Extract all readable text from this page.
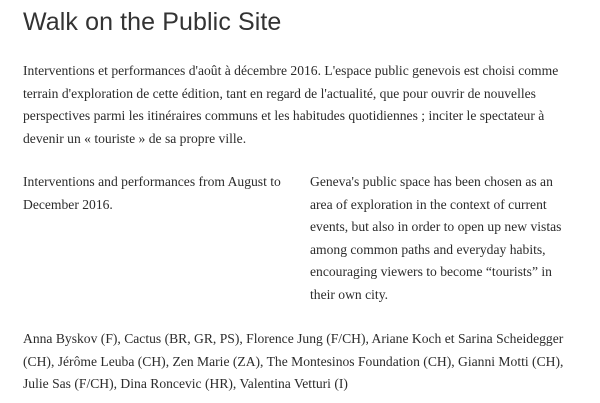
Walk on the Public Site

Interventions et performances d'août à décembre 2016. L'espace public genevois est choisi comme terrain d'exploration de cette édition, tant en regard de l'actualité, que pour ouvrir de nouvelles perspectives parmi les itinéraires communs et les habitudes quotidiennes ; inciter le spectateur à devenir un « touriste » de sa propre ville.

Interventions and performances from August to December 2016.

Geneva's public space has been chosen as an area of exploration in the context of current events, but also in order to open up new vistas among common paths and everyday habits, encouraging viewers to become “tourists” in their own city.

Anna Byskov (F), Cactus (BR, GR, PS), Florence Jung (F/CH), Ariane Koch et Sarina Scheidegger (CH), Jérôme Leuba (CH), Zen Marie (ZA), The Montesinos Foundation (CH), Gianni Motti (CH), Julie Sas (F/CH), Dina Roncevic (HR), Valentina Vetturi (I)
